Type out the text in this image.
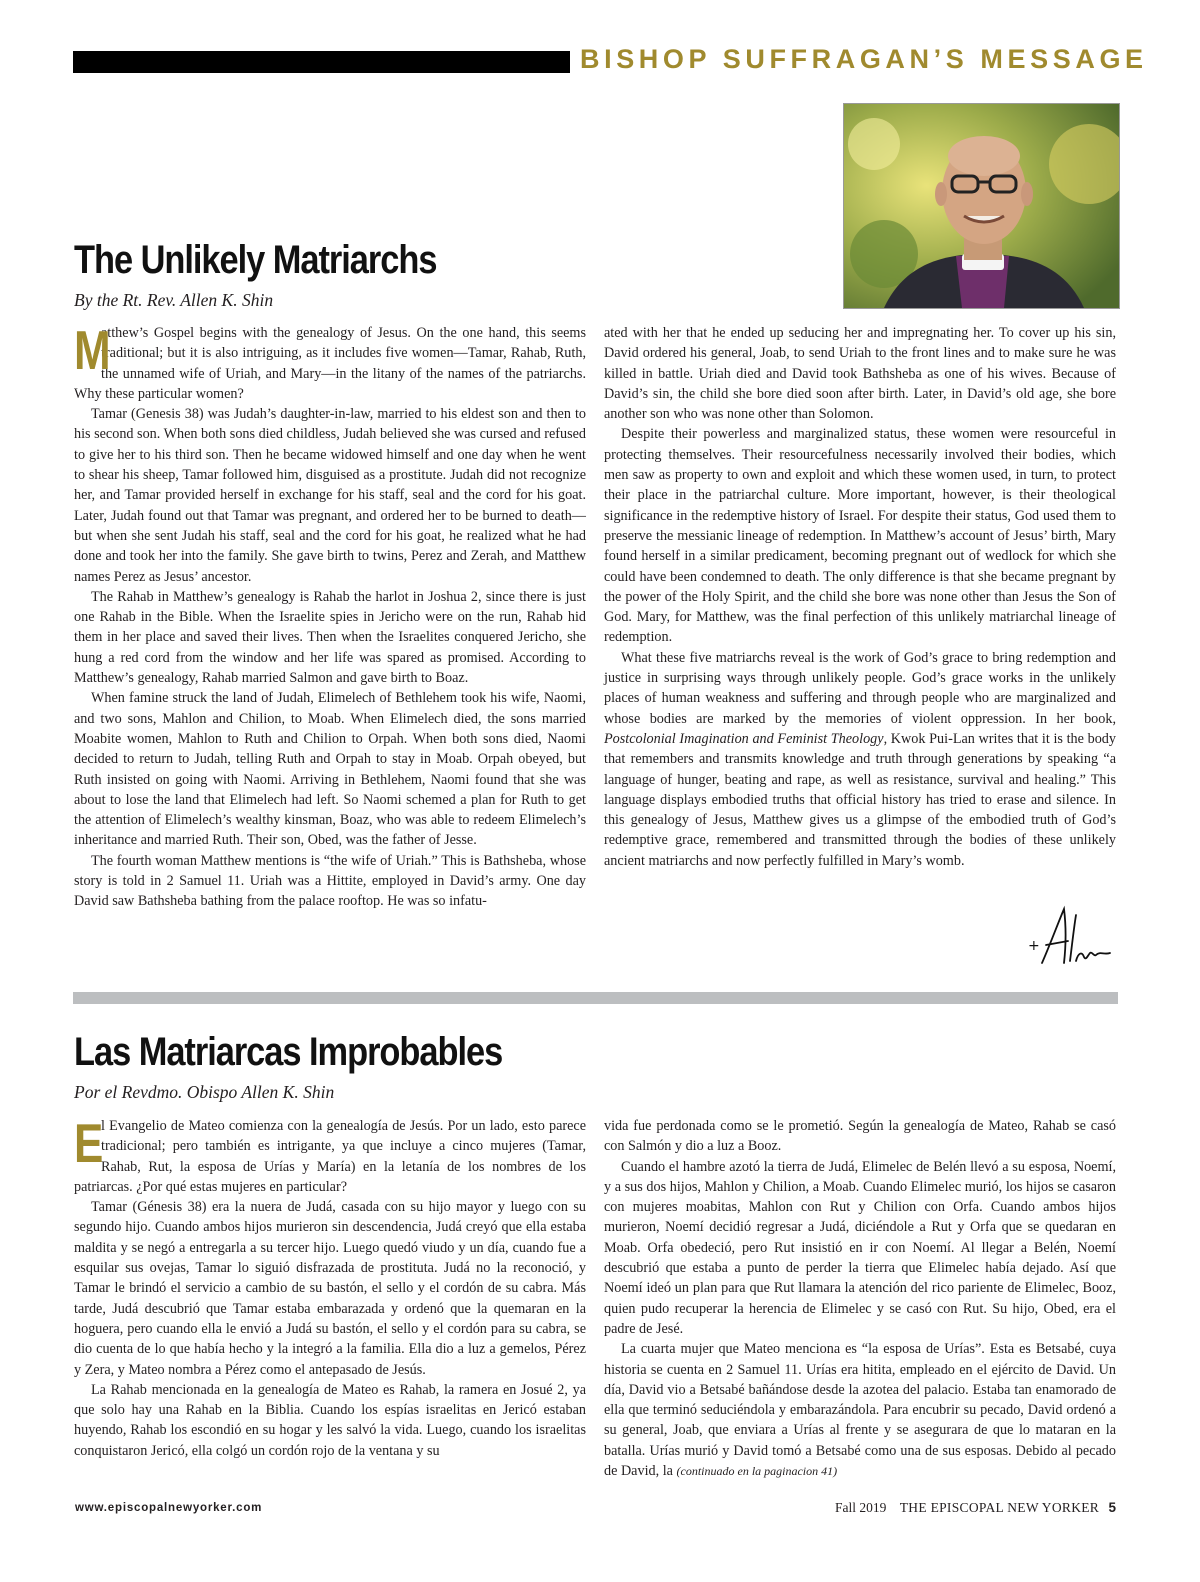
BISHOP SUFFRAGAN’S MESSAGE
The Unlikely Matriarchs

By the Rt. Rev. Allen K. Shin

M
atthew’s Gospel begins with the genealogy of Jesus. On the one hand, this seems traditional; but it is also intriguing, as it includes five women—Tamar, Rahab, Ruth, the unnamed wife of Uriah, and Mary—in the litany of the names of the patriarchs. Why these particular women?

Tamar (Genesis 38) was Judah’s daughter-in-law, married to his eldest son and then to his second son. When both sons died childless, Judah believed she was cursed and refused to give her to his third son. Then he became widowed himself and one day when he went to shear his sheep, Tamar followed him, disguised as a prostitute. Judah did not recognize her, and Tamar provided herself in exchange for his staff, seal and the cord for his goat. Later, Judah found out that Tamar was pregnant, and ordered her to be burned to death—but when she sent Judah his staff, seal and the cord for his goat, he realized what he had done and took her into the family. She gave birth to twins, Perez and Zerah, and Matthew names Perez as Jesus’ ancestor.

The Rahab in Matthew’s genealogy is Rahab the harlot in Joshua 2, since there is just one Rahab in the Bible. When the Israelite spies in Jericho were on the run, Rahab hid them in her place and saved their lives. Then when the Israelites conquered Jericho, she hung a red cord from the window and her life was spared as promised. According to Matthew’s genealogy, Rahab married Salmon and gave birth to Boaz.

When famine struck the land of Judah, Elimelech of Bethlehem took his wife, Naomi, and two sons, Mahlon and Chilion, to Moab. When Elimelech died, the sons married Moabite women, Mahlon to Ruth and Chilion to Orpah. When both sons died, Naomi decided to return to Judah, telling Ruth and Orpah to stay in Moab. Orpah obeyed, but Ruth insisted on going with Naomi. Arriving in Bethlehem, Naomi found that she was about to lose the land that Elimelech had left. So Naomi schemed a plan for Ruth to get the attention of Elimelech’s wealthy kinsman, Boaz, who was able to redeem Elimelech’s inheritance and married Ruth. Their son, Obed, was the father of Jesse.

The fourth woman Matthew mentions is “the wife of Uriah.” This is Bathsheba, whose story is told in 2 Samuel 11. Uriah was a Hittite, employed in David’s army. One day David saw Bathsheba bathing from the palace rooftop. He was so infatu-

ated with her that he ended up seducing her and impregnating her. To cover up his sin, David ordered his general, Joab, to send Uriah to the front lines and to make sure he was killed in battle. Uriah died and David took Bathsheba as one of his wives. Because of David’s sin, the child she bore died soon after birth. Later, in David’s old age, she bore another son who was none other than Solomon.

Despite their powerless and marginalized status, these women were resourceful in protecting themselves. Their resourcefulness necessarily involved their bodies, which men saw as property to own and exploit and which these women used, in turn, to protect their place in the patriarchal culture. More important, however, is their theological significance in the redemptive history of Israel. For despite their status, God used them to preserve the messianic lineage of redemption. In Matthew’s account of Jesus’ birth, Mary found herself in a similar predicament, becoming pregnant out of wedlock for which she could have been condemned to death. The only difference is that she became pregnant by the power of the Holy Spirit, and the child she bore was none other than Jesus the Son of God. Mary, for Matthew, was the final perfection of this unlikely matriarchal lineage of redemption.

What these five matriarchs reveal is the work of God’s grace to bring redemption and justice in surprising ways through unlikely people. God’s grace works in the unlikely places of human weakness and suffering and through people who are marginalized and whose bodies are marked by the memories of violent oppression. In her book, Postcolonial Imagination and Feminist Theology, Kwok Pui-Lan writes that it is the body that remembers and transmits knowledge and truth through generations by speaking “a language of hunger, beating and rape, as well as resistance, survival and healing.” This language displays embodied truths that official history has tried to erase and silence. In this genealogy of Jesus, Matthew gives us a glimpse of the embodied truth of God’s redemptive grace, remembered and transmitted through the bodies of these unlikely ancient matriarchs and now perfectly fulfilled in Mary’s womb.

+
Las Matriarcas Improbables

Por el Revdmo. Obispo Allen K. Shin

E
l Evangelio de Mateo comienza con la genealogía de Jesús. Por un lado, esto parece tradicional; pero también es intrigante, ya que incluye a cinco mujeres (Tamar, Rahab, Rut, la esposa de Urías y María) en la letanía de los nombres de los patriarcas. ¿Por qué estas mujeres en particular?

Tamar (Génesis 38) era la nuera de Judá, casada con su hijo mayor y luego con su segundo hijo. Cuando ambos hijos murieron sin descendencia, Judá creyó que ella estaba maldita y se negó a entregarla a su tercer hijo. Luego quedó viudo y un día, cuando fue a esquilar sus ovejas, Tamar lo siguió disfrazada de prostituta. Judá no la reconoció, y Tamar le brindó el servicio a cambio de su bastón, el sello y el cordón de su cabra. Más tarde, Judá descubrió que Tamar estaba embarazada y ordenó que la quemaran en la hoguera, pero cuando ella le envió a Judá su bastón, el sello y el cordón para su cabra, se dio cuenta de lo que había hecho y la integró a la familia. Ella dio a luz a gemelos, Pérez y Zera, y Mateo nombra a Pérez como el antepasado de Jesús.

La Rahab mencionada en la genealogía de Mateo es Rahab, la ramera en Josué 2, ya que solo hay una Rahab en la Biblia. Cuando los espías israelitas en Jericó estaban huyendo, Rahab los escondió en su hogar y les salvó la vida. Luego, cuando los israelitas conquistaron Jericó, ella colgó un cordón rojo de la ventana y su

vida fue perdonada como se le prometió. Según la genealogía de Mateo, Rahab se casó con Salmón y dio a luz a Booz.

Cuando el hambre azotó la tierra de Judá, Elimelec de Belén llevó a su esposa, Noemí, y a sus dos hijos, Mahlon y Chilion, a Moab. Cuando Elimelec murió, los hijos se casaron con mujeres moabitas, Mahlon con Rut y Chilion con Orfa. Cuando ambos hijos murieron, Noemí decidió regresar a Judá, diciéndole a Rut y Orfa que se quedaran en Moab. Orfa obedeció, pero Rut insistió en ir con Noemí. Al llegar a Belén, Noemí descubrió que estaba a punto de perder la tierra que Elimelec había dejado. Así que Noemí ideó un plan para que Rut llamara la atención del rico pariente de Elimelec, Booz, quien pudo recuperar la herencia de Elimelec y se casó con Rut. Su hijo, Obed, era el padre de Jesé.

La cuarta mujer que Mateo menciona es “la esposa de Urías”. Esta es Betsabé, cuya historia se cuenta en 2 Samuel 11. Urías era hitita, empleado en el ejército de David. Un día, David vio a Betsabé bañándose desde la azotea del palacio. Estaba tan enamorado de ella que terminó seduciéndola y embarazándola. Para encubrir su pecado, David ordenó a su general, Joab, que enviara a Urías al frente y se asegurara de que lo mataran en la batalla. Urías murió y David tomó a Betsabé como una de sus esposas. Debido al pecado de David, la (continuado en la paginacion 41)

www.episcopalnewyorker.com	Fall 2019 THE EPISCOPAL NEW YORKER 5
